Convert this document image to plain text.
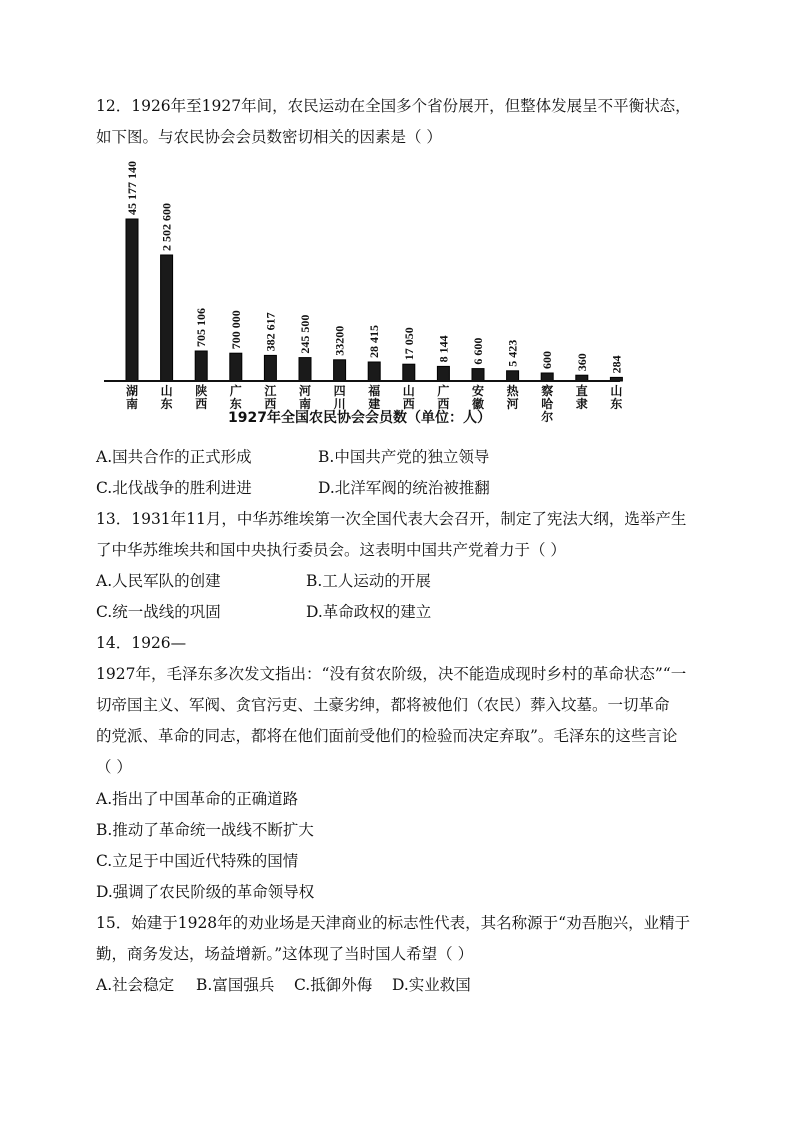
12．1926年至1927年间，农民运动在全国多个省份展开，但整体发展呈不平衡状态，
如下图。与农民协会会员数密切相关的因素是（ ）
45 177 140
湖南
2 502 600
山东
705 106
陕西
700 000
广东
382 617
江西
245 500
河南
33200
四川
28 415
福建
17 050
山西
8 144
广西
6 600
安徽
5 423
热河
600
察哈尔
360
直隶
284
山东
1927年全国农民协会会员数（单位：人）
A.国共合作的正式形成	B.中国共产党的独立领导
C.北伐战争的胜利进进	D.北洋军阀的统治被推翻
13．1931年11月，中华苏维埃第一次全国代表大会召开，制定了宪法大纲，选举产生
了中华苏维埃共和国中央执行委员会。这表明中国共产党着力于（ ）
A.人民军队的创建	B.工人运动的开展
C.统一战线的巩固	D.革命政权的建立
14．1926—
1927年，毛泽东多次发文指出：“没有贫农阶级，决不能造成现时乡村的革命状态”“一
切帝国主义、军阀、贪官污吏、土豪劣绅，都将被他们（农民）葬入坟墓。一切革命
的党派、革命的同志，都将在他们面前受他们的检验而决定弃取”。毛泽东的这些言论
（ ）
A.指出了中国革命的正确道路
B.推动了革命统一战线不断扩大
C.立足于中国近代特殊的国情
D.强调了农民阶级的革命领导权
15．始建于1928年的劝业场是天津商业的标志性代表，其名称源于“劝吾胞兴，业精于
勤，商务发达，场益增新。”这体现了当时国人希望（ ）
A.社会稳定 B.富国强兵 C.抵御外侮 D.实业救国
